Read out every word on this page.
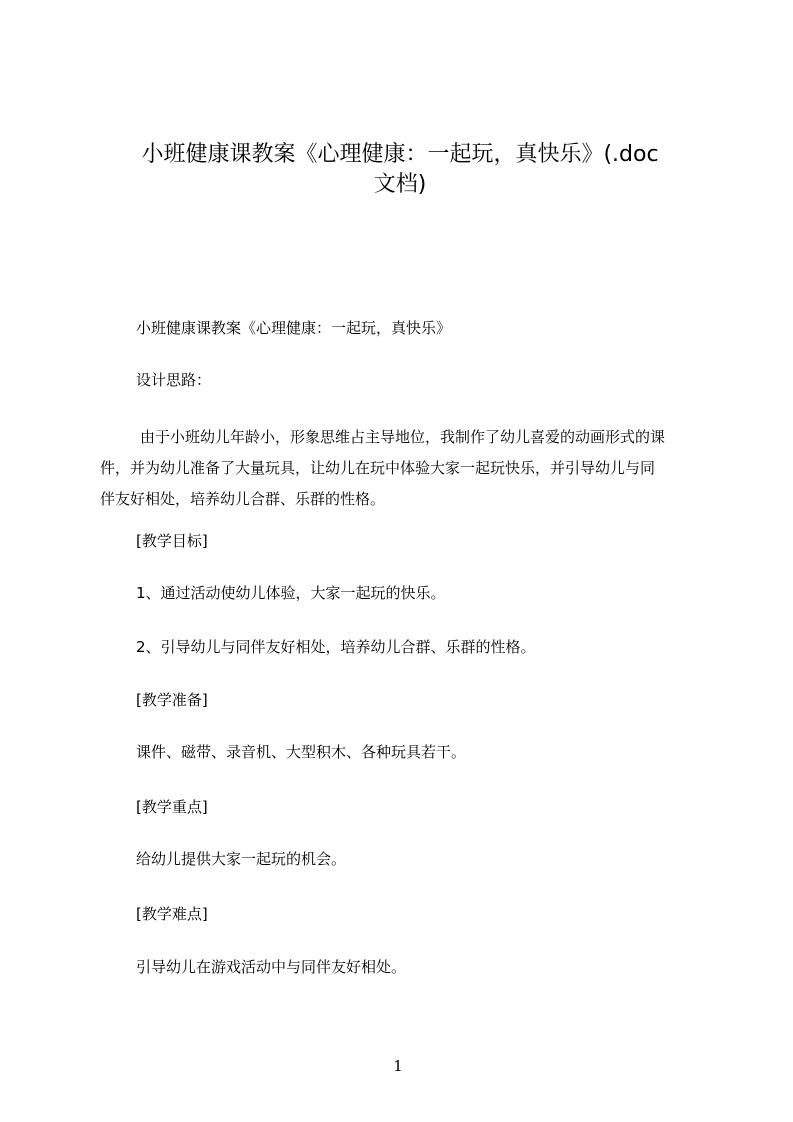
小班健康课教案《心理健康：一起玩，真快乐》(.doc
文档)

小班健康课教案《心理健康：一起玩，真快乐》

设计思路：

由于小班幼儿年龄小，形象思维占主导地位，我制作了幼儿喜爱的动画形式的课
件，并为幼儿准备了大量玩具，让幼儿在玩中体验大家一起玩快乐，并引导幼儿与同
伴友好相处，培养幼儿合群、乐群的性格。

[教学目标]

1、通过活动使幼儿体验，大家一起玩的快乐。

2、引导幼儿与同伴友好相处，培养幼儿合群、乐群的性格。

[教学准备]

课件、磁带、录音机、大型积木、各种玩具若干。

[教学重点]

给幼儿提供大家一起玩的机会。

[教学难点]

引导幼儿在游戏活动中与同伴友好相处。

1
